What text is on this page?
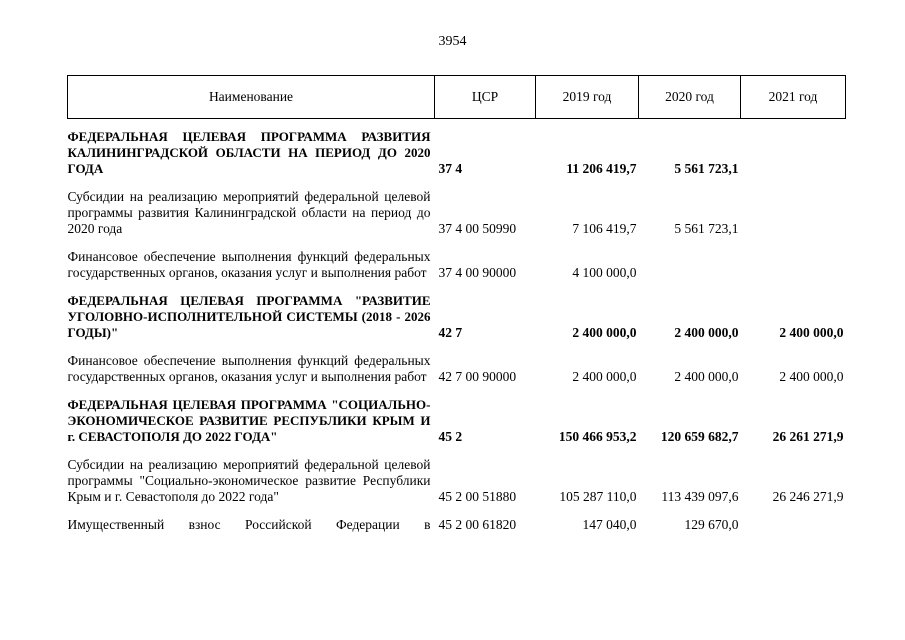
3954
Наименование	ЦСР	2019 год	2020 год	2021 год

ФЕДЕРАЛЬНАЯ ЦЕЛЕВАЯ ПРОГРАММА РАЗВИТИЯ КАЛИНИНГРАДСКОЙ ОБЛАСТИ НА ПЕРИОД ДО 2020 ГОДА	37 4	11 206 419,7	5 561 723,1	

Субсидии на реализацию мероприятий федеральной целевой программы развития Калининградской области на период до 2020 года	37 4 00 50990	7 106 419,7	5 561 723,1	

Финансовое обеспечение выполнения функций федеральных государственных органов, оказания услуг и выполнения работ	37 4 00 90000	4 100 000,0		

ФЕДЕРАЛЬНАЯ ЦЕЛЕВАЯ ПРОГРАММА "РАЗВИТИЕ УГОЛОВНО-ИСПОЛНИТЕЛЬНОЙ СИСТЕМЫ (2018 - 2026 ГОДЫ)"	42 7	2 400 000,0	2 400 000,0	2 400 000,0

Финансовое обеспечение выполнения функций федеральных государственных органов, оказания услуг и выполнения работ	42 7 00 90000	2 400 000,0	2 400 000,0	2 400 000,0

ФЕДЕРАЛЬНАЯ ЦЕЛЕВАЯ ПРОГРАММА "СОЦИАЛЬНО-ЭКОНОМИЧЕСКОЕ РАЗВИТИЕ РЕСПУБЛИКИ КРЫМ И г. СЕВАСТОПОЛЯ ДО 2022 ГОДА"	45 2	150 466 953,2	120 659 682,7	26 261 271,9

Субсидии на реализацию мероприятий федеральной целевой программы "Социально-экономическое развитие Республики Крым и г. Севастополя до 2022 года"	45 2 00 51880	105 287 110,0	113 439 097,6	26 246 271,9

Имущественный взнос Российской Федерации в	45 2 00 61820	147 040,0	129 670,0	
